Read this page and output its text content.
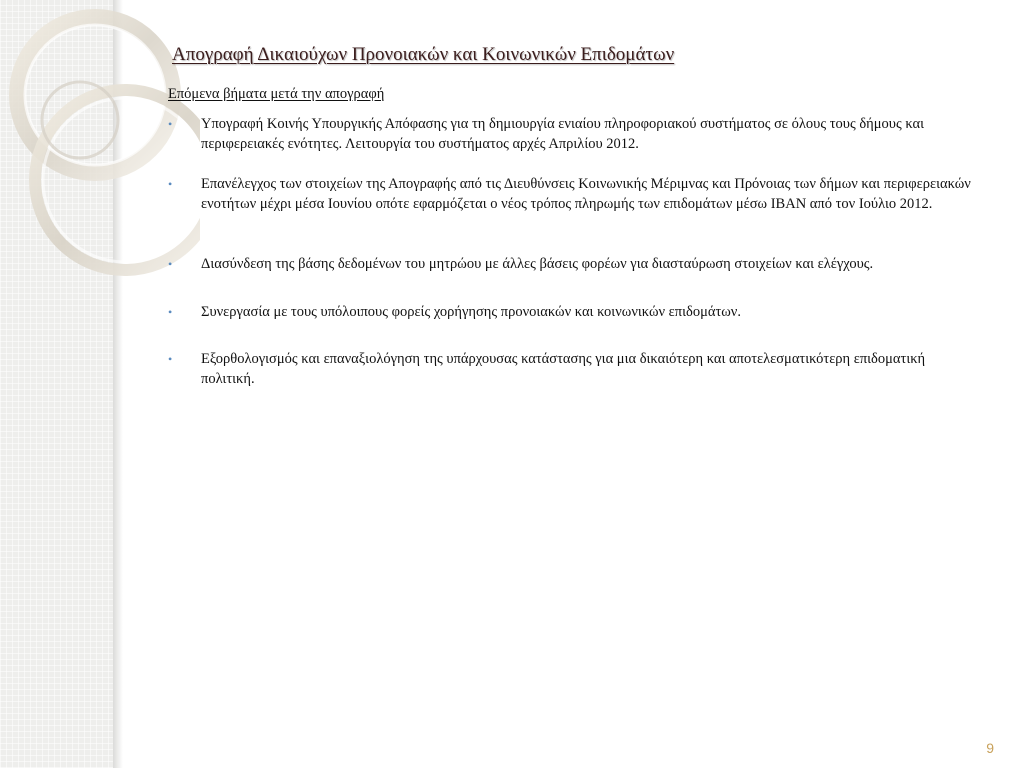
Απογραφή Δικαιούχων Προνοιακών και Κοινωνικών Επιδομάτων

Επόμενα βήματα μετά την απογραφή

•	Υπογραφή Κοινής Υπουργικής Απόφασης για τη δημιουργία ενιαίου πληροφοριακού συστήματος σε όλους τους δήμους και περιφερειακές ενότητες. Λειτουργία του συστήματος αρχές Απριλίου 2012.
•	Επανέλεγχος των στοιχείων της Απογραφής από τις Διευθύνσεις Κοινωνικής Μέριμνας και Πρόνοιας των δήμων και περιφερειακών ενοτήτων μέχρι μέσα Ιουνίου οπότε εφαρμόζεται ο νέος τρόπος πληρωμής των επιδομάτων μέσω IBAN από τον Ιούλιο 2012.
•	Διασύνδεση της βάσης δεδομένων του μητρώου με άλλες βάσεις φορέων για διασταύρωση στοιχείων και ελέγχους.
•	Συνεργασία με τους υπόλοιπους φορείς χορήγησης προνοιακών και κοινωνικών επιδομάτων.
•	Εξορθολογισμός και επαναξιολόγηση της υπάρχουσας κατάστασης για μια δικαιότερη και αποτελεσματικότερη επιδοματική πολιτική.
9
